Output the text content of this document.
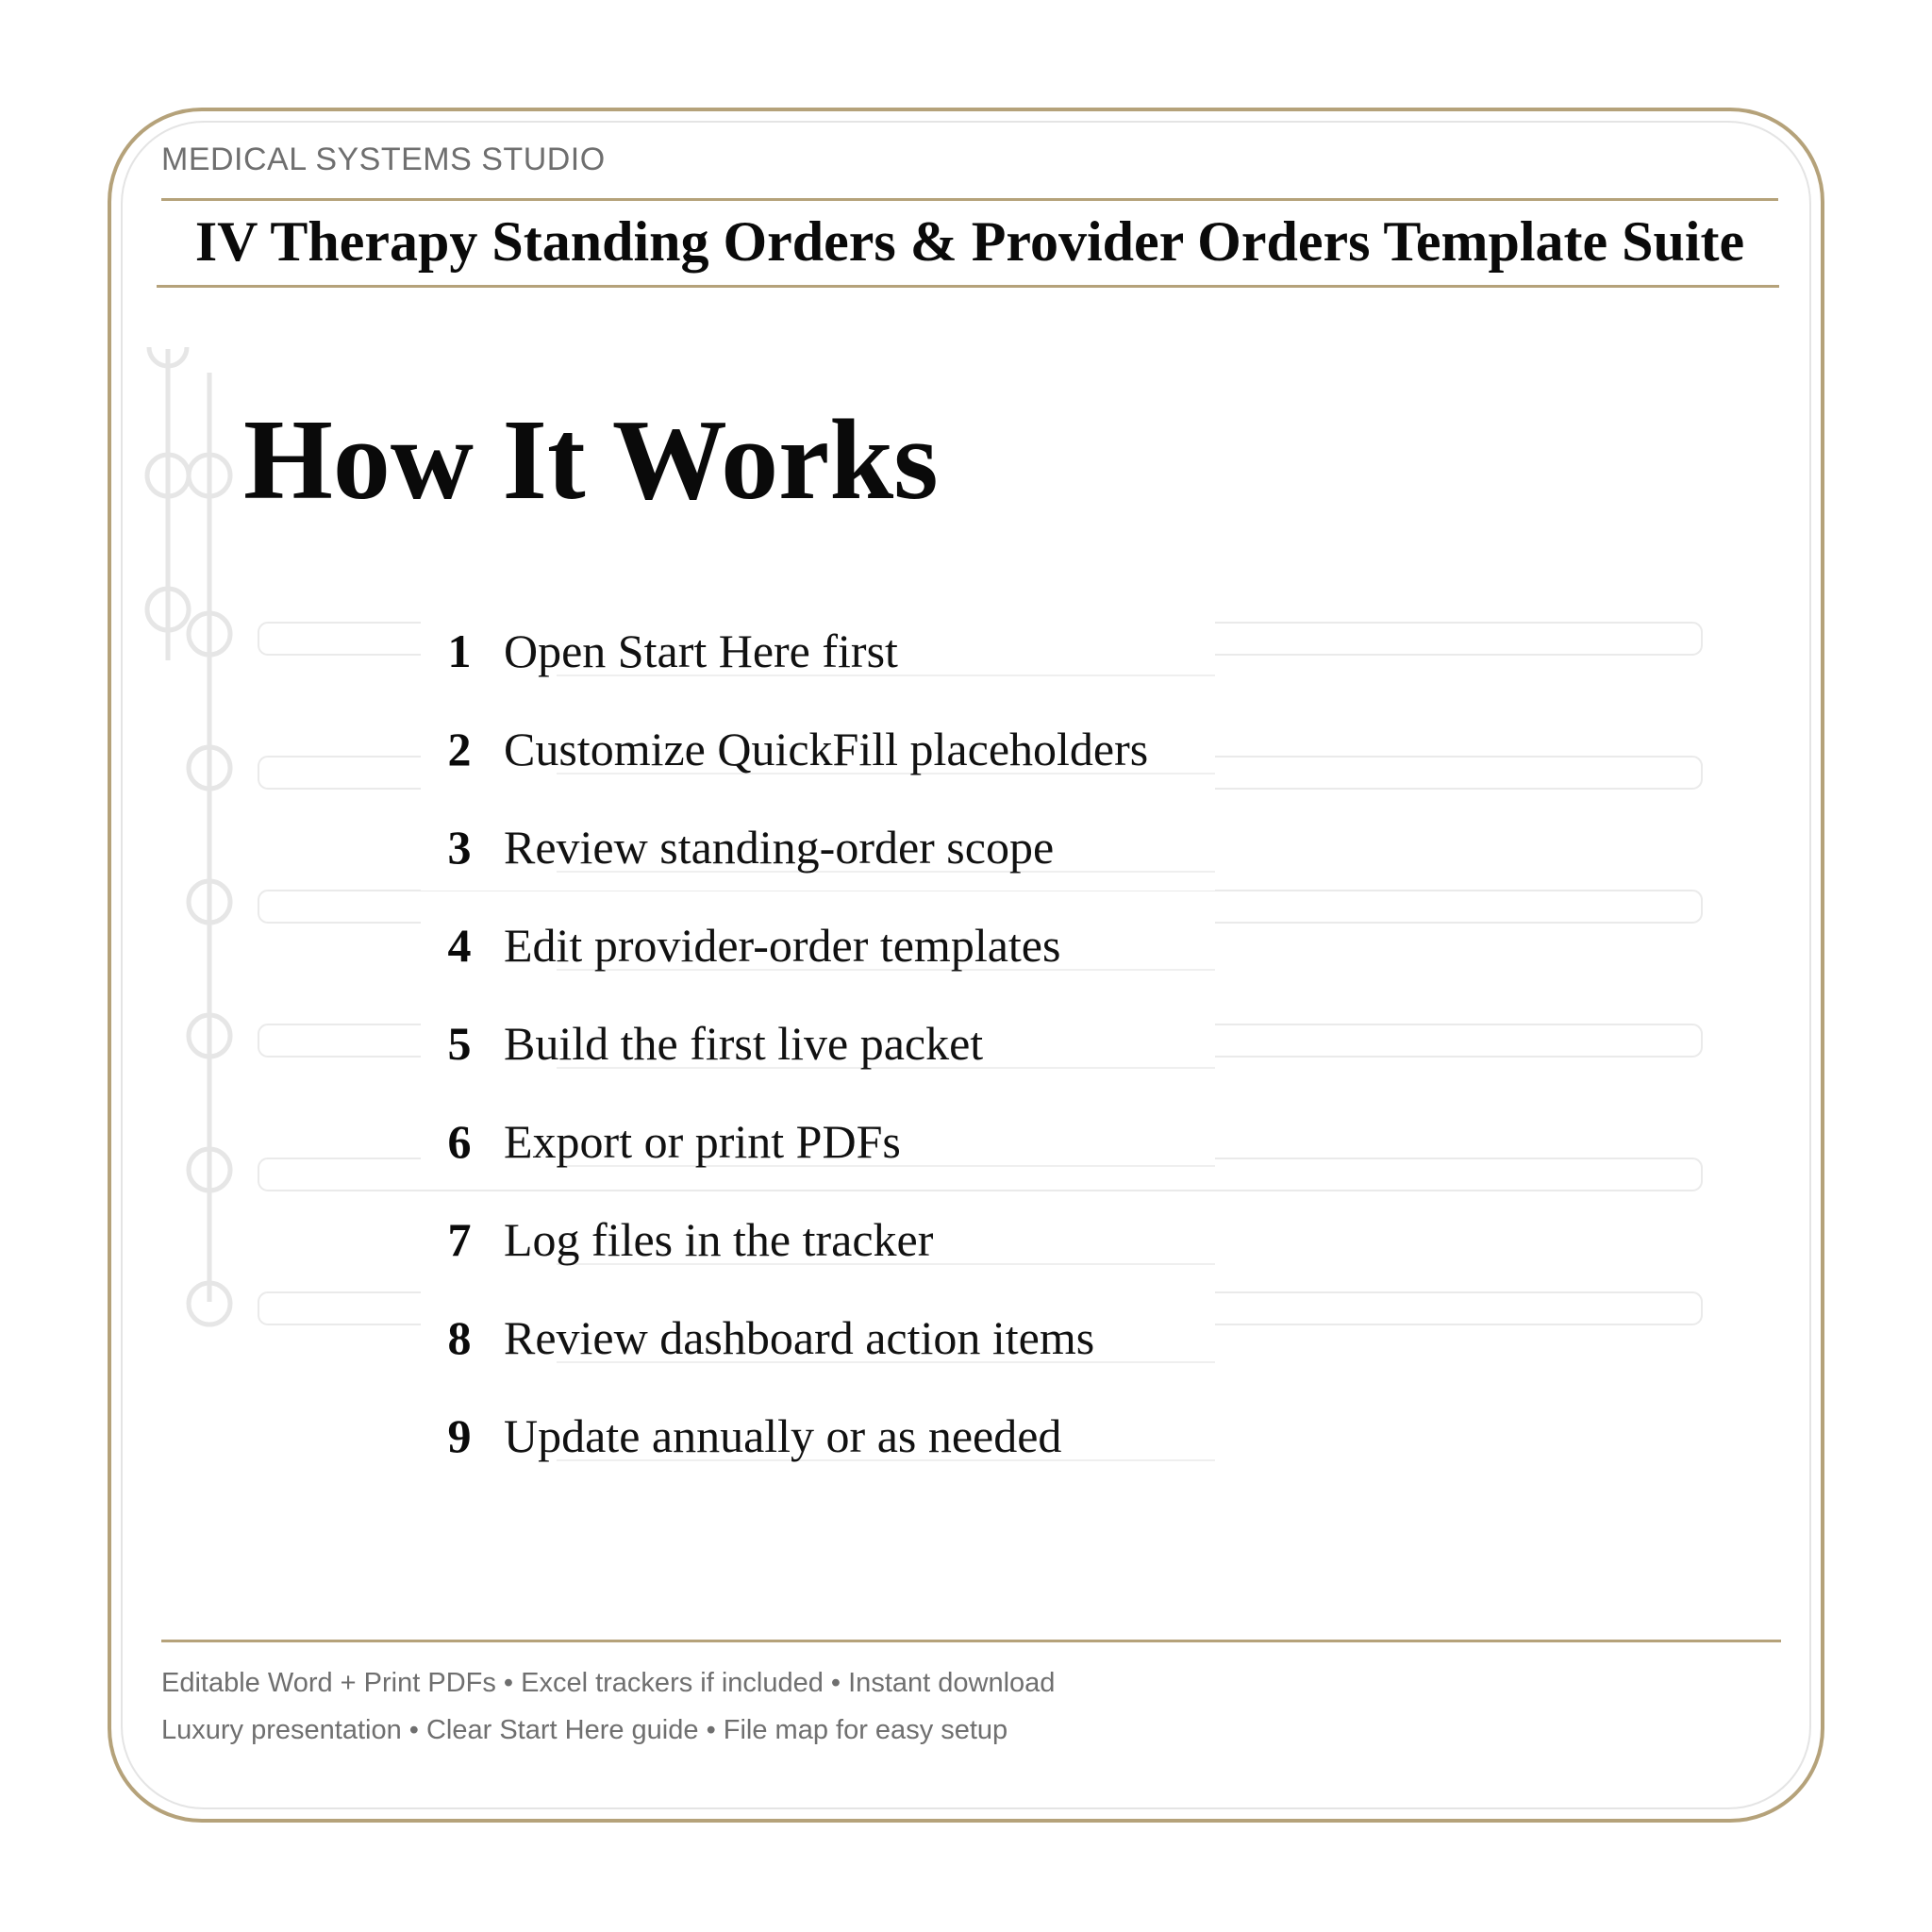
MEDICAL SYSTEMS STUDIO
IV Therapy Standing Orders & Provider Orders Template Suite
How It Works
1 Open Start Here first
2 Customize QuickFill placeholders
3 Review standing-order scope
4 Edit provider-order templates
5 Build the first live packet
6 Export or print PDFs
7 Log files in the tracker
8 Review dashboard action items
9 Update annually or as needed
Editable Word + Print PDFs • Excel trackers if included • Instant download
Luxury presentation • Clear Start Here guide • File map for easy setup
